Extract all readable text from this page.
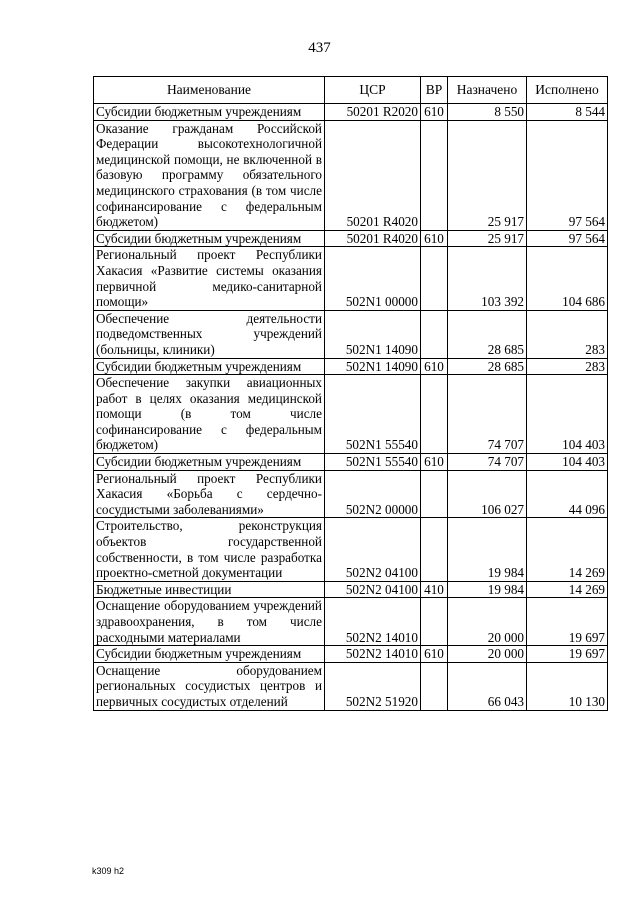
437
Наименование	ЦСР	ВР	Назначено	Исполнено
Субсидии бюджетным учреждениям	50201 R2020	610	8 550	8 544
Оказание гражданам Российской Федерации высокотехнологичной медицинской помощи, не включенной в базовую программу обязательного медицинского страхования (в том числе софинансирование с федеральным бюджетом)	50201 R4020		25 917	97 564
Субсидии бюджетным учреждениям	50201 R4020	610	25 917	97 564
Региональный проект Республики Хакасия «Развитие системы оказания первичной медико-санитарной помощи»	502N1 00000		103 392	104 686
Обеспечение деятельности подведомственных учреждений (больницы, клиники)	502N1 14090		28 685	283
Субсидии бюджетным учреждениям	502N1 14090	610	28 685	283
Обеспечение закупки авиационных работ в целях оказания медицинской помощи (в том числе софинансирование с федеральным бюджетом)	502N1 55540		74 707	104 403
Субсидии бюджетным учреждениям	502N1 55540	610	74 707	104 403
Региональный проект Республики Хакасия «Борьба с сердечно-сосудистыми заболеваниями»	502N2 00000		106 027	44 096
Строительство, реконструкция объектов государственной собственности, в том числе разработка проектно-сметной документации	502N2 04100		19 984	14 269
Бюджетные инвестиции	502N2 04100	410	19 984	14 269
Оснащение оборудованием учреждений здравоохранения, в том числе расходными материалами	502N2 14010		20 000	19 697
Субсидии бюджетным учреждениям	502N2 14010	610	20 000	19 697
Оснащение оборудованием региональных сосудистых центров и первичных сосудистых отделений	502N2 51920		66 043	10 130
k309 h2
